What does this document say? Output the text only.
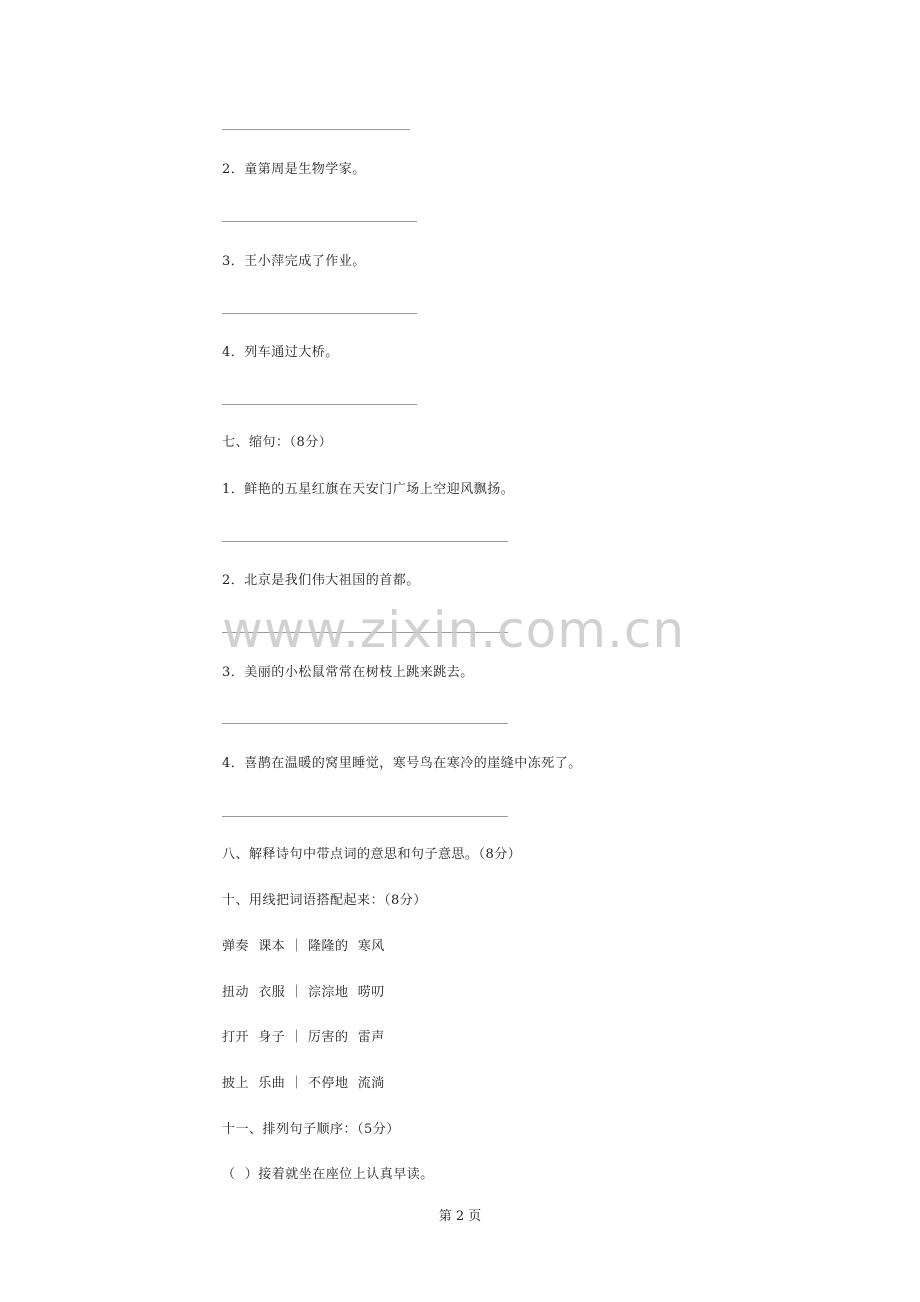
2．童第周是生物学家。
3．王小萍完成了作业。
4．列车通过大桥。
七、缩句：（8分）
1．鲜艳的五星红旗在天安门广场上空迎风飘扬。
2．北京是我们伟大祖国的首都。
3．美丽的小松鼠常常在树枝上跳来跳去。
4．喜鹊在温暖的窝里睡觉，寒号鸟在寒冷的崖缝中冻死了。
八、解释诗句中带点词的意思和句子意思。（8分）
十、用线把词语搭配起来：（8分）
弹奏  课本 ｜ 隆隆的  寒风
扭动  衣服 ｜ 淙淙地  唠叨
打开  身子 ｜ 厉害的  雷声
披上  乐曲 ｜ 不停地  流淌
十一、排列句子顺序：（5分）
（  ）接着就坐在座位上认真早读。
第 2 页
www.zixin.com.cn
